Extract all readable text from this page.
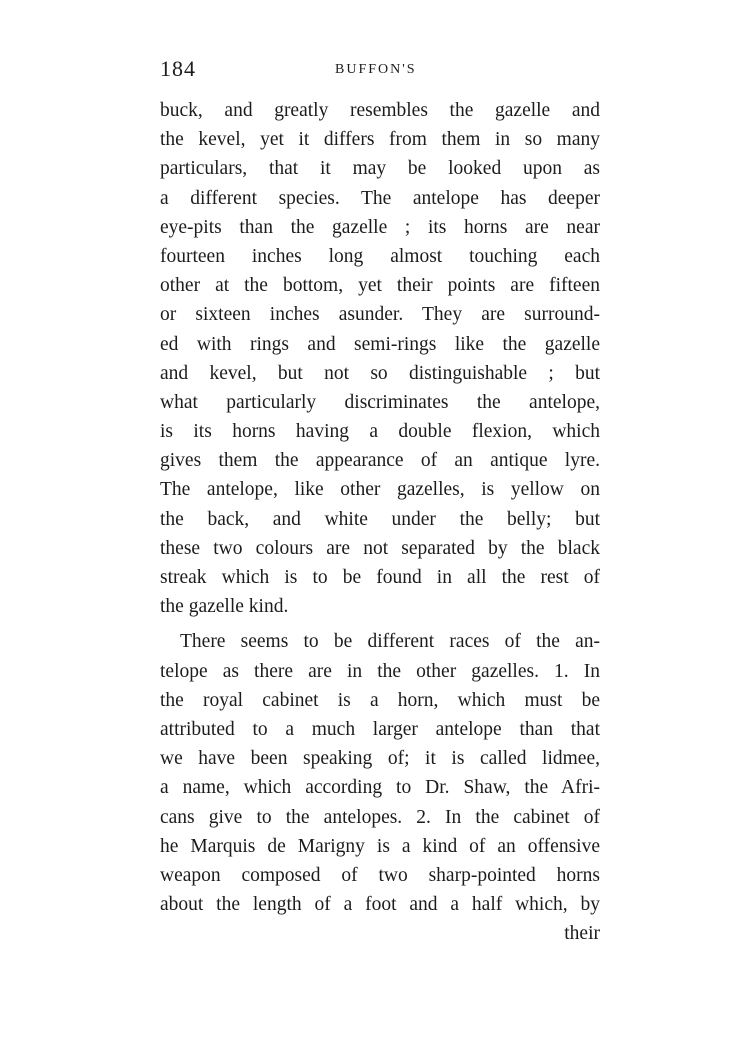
184	BUFFON'S
buck, and greatly resembles the gazelle and
the kevel, yet it differs from them in so many
particulars, that it may be looked upon as
a different species. The antelope has deeper
eye-pits than the gazelle ; its horns are near
fourteen inches long almost touching each
other at the bottom, yet their points are fifteen
or sixteen inches asunder. They are surround-
ed with rings and semi-rings like the gazelle
and kevel, but not so distinguishable ; but
what particularly discriminates the antelope,
is its horns having a double flexion, which
gives them the appearance of an antique lyre.
The antelope, like other gazelles, is yellow on
the back, and white under the belly; but
these two colours are not separated by the black
streak which is to be found in all the rest of
the gazelle kind.
There seems to be different races of the an-
telope as there are in the other gazelles. 1. In
the royal cabinet is a horn, which must be
attributed to a much larger antelope than that
we have been speaking of; it is called lidmee,
a name, which according to Dr. Shaw, the Afri-
cans give to the antelopes. 2. In the cabinet of
he Marquis de Marigny is a kind of an offensive
weapon composed of two sharp-pointed horns
about the length of a foot and a half which, by
their
